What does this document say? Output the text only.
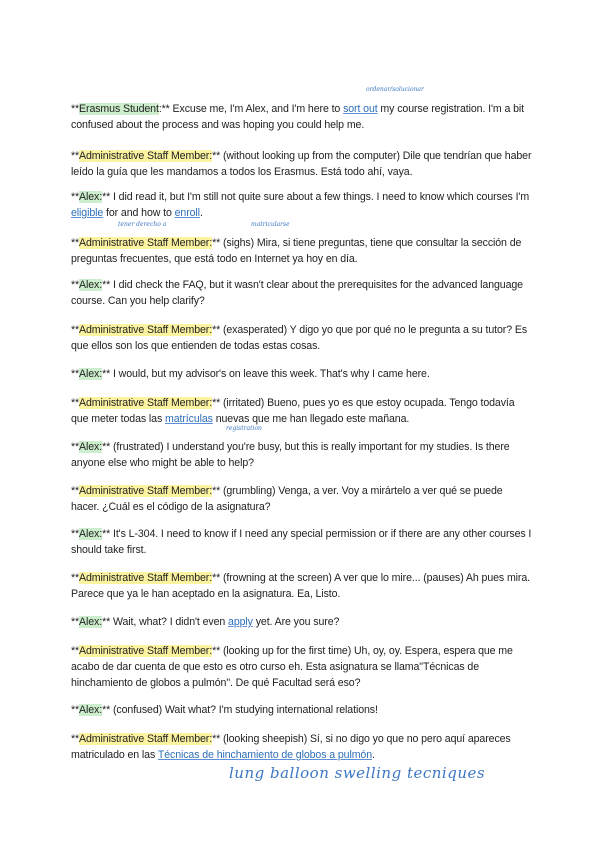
ordenar/solucionar

**Erasmus Student:** Excuse me, I'm Alex, and I'm here to sort out my course registration. I'm a bit confused about the process and was hoping you could help me.

**Administrative Staff Member:** (without looking up from the computer) Dile que tendrían que haber leído la guía que les mandamos a todos los Erasmus. Está todo ahí, vaya.

**Alex:** I did read it, but I'm still not quite sure about a few things. I need to know which courses I'm eligible for and how to enroll.

tener derecho a	matricularse

**Administrative Staff Member:** (sighs) Mira, si tiene preguntas, tiene que consultar la sección de preguntas frecuentes, que está todo en Internet ya hoy en día.

**Alex:** I did check the FAQ, but it wasn't clear about the prerequisites for the advanced language course. Can you help clarify?

**Administrative Staff Member:** (exasperated) Y digo yo que por qué no le pregunta a su tutor? Es que ellos son los que entienden de todas estas cosas.

**Alex:** I would, but my advisor's on leave this week. That's why I came here.

**Administrative Staff Member:** (irritated) Bueno, pues yo es que estoy ocupada. Tengo todavía que meter todas las matrículas nuevas que me han llegado este mañana.

registration

**Alex:** (frustrated) I understand you're busy, but this is really important for my studies. Is there anyone else who might be able to help?

**Administrative Staff Member:** (grumbling) Venga, a ver. Voy a mirártelo a ver qué se puede hacer. ¿Cuál es el código de la asignatura?

**Alex:** It's L-304. I need to know if I need any special permission or if there are any other courses I should take first.

**Administrative Staff Member:** (frowning at the screen) A ver que lo mire... (pauses) Ah pues mira. Parece que ya le han aceptado en la asignatura. Ea, Listo.

**Alex:** Wait, what? I didn't even apply yet. Are you sure?

**Administrative Staff Member:** (looking up for the first time) Uh, oy, oy. Espera, espera que me acabo de dar cuenta de que esto es otro curso eh. Esta asignatura se llama"Técnicas de hinchamiento de globos a pulmón". De qué Facultad será eso?

**Alex:** (confused) Wait what? I'm studying international relations!

**Administrative Staff Member:** (looking sheepish) Sí, si no digo yo que no pero aquí apareces matriculado en las Técnicas de hinchamiento de globos a pulmón.

lung balloon swelling tecniques
